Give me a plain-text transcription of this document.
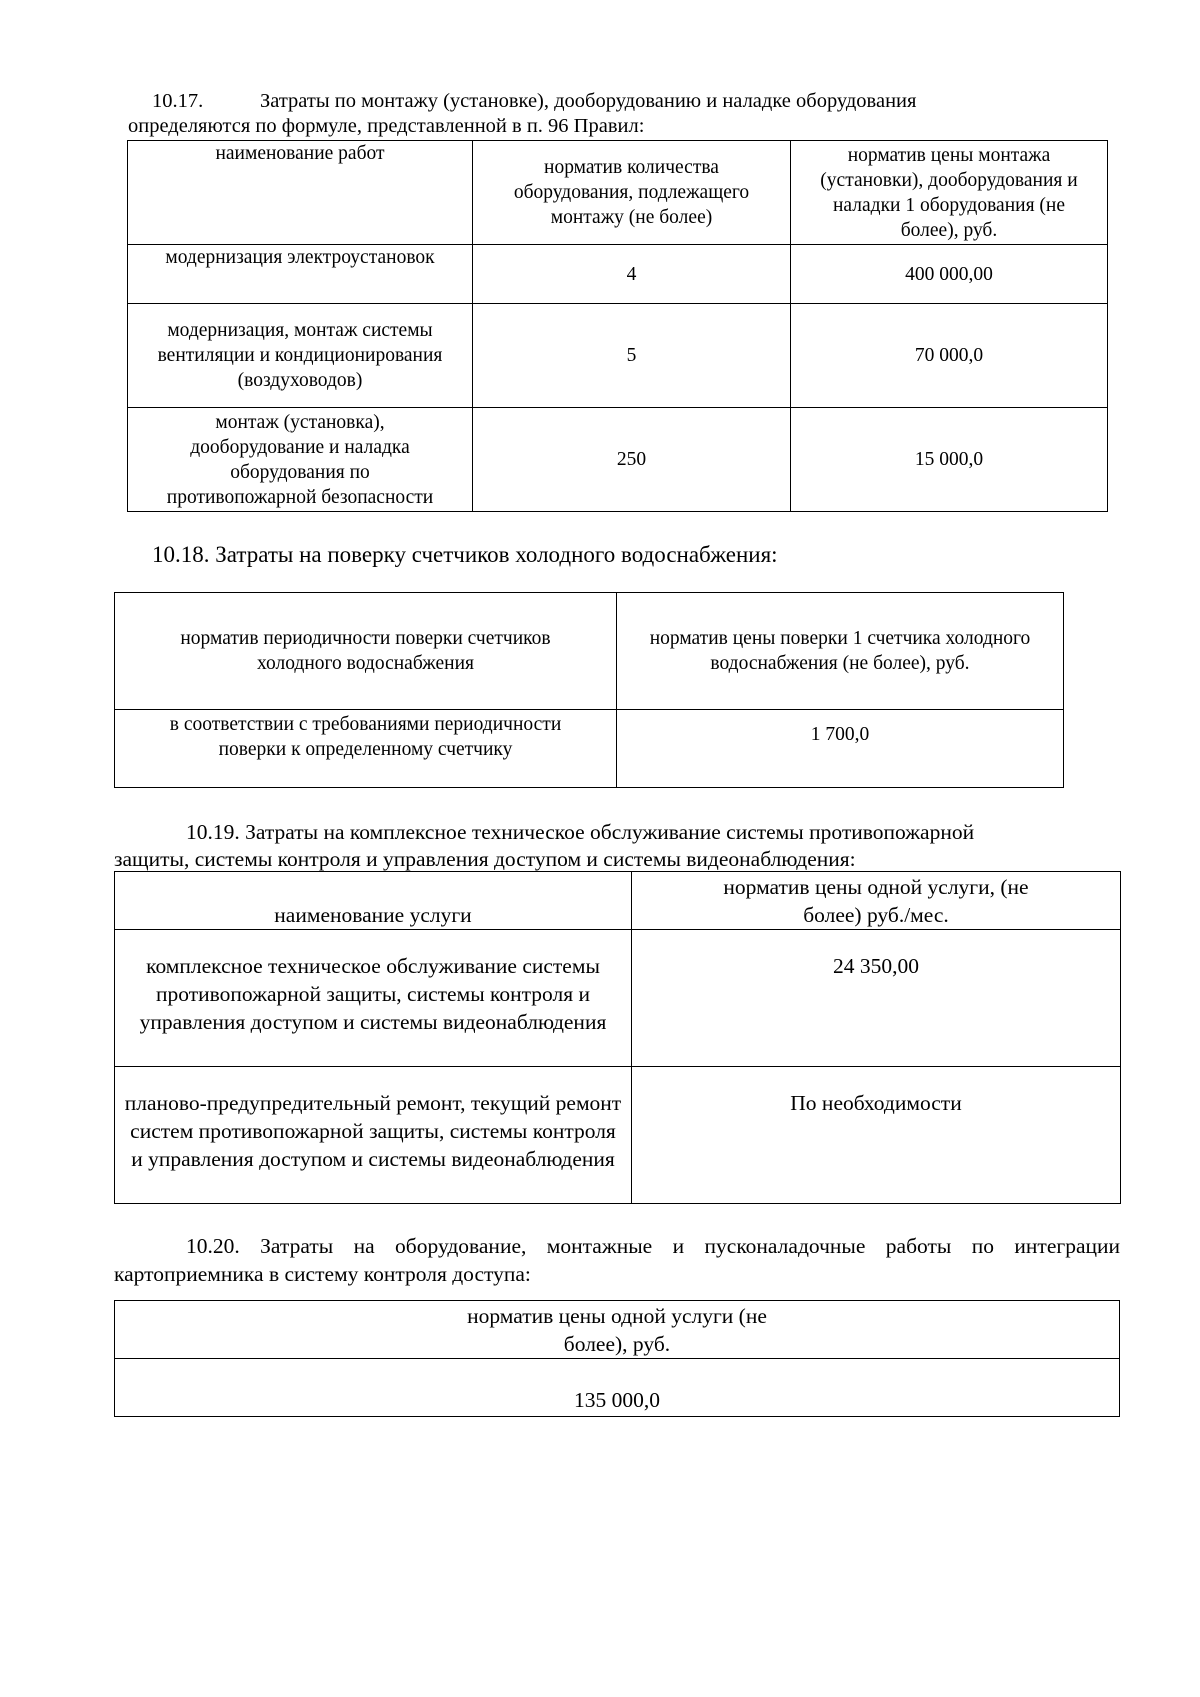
10.17.	Затраты по монтажу (установке), дооборудованию и наладке оборудования

определяются по формуле, представленной в п. 96 Правил:

наименование работ	норматив количества оборудования, подлежащего монтажу (не более)	норматив цены монтажа (установки), дооборудования и наладки 1 оборудования (не более), руб.
модернизация электроустановок	4	400 000,00
модернизация, монтаж системы вентиляции и кондиционирования (воздуховодов)	5	70 000,0
монтаж (установка), дооборудование и наладка оборудования по противопожарной безопасности	250	15 000,0

10.18. Затраты на поверку счетчиков холодного водоснабжения:

норматив периодичности поверки счетчиков холодного водоснабжения	норматив цены поверки 1 счетчика холодного водоснабжения (не более), руб.
в соответствии с требованиями периодичности поверки к определенному счетчику	1 700,0

10.19. Затраты на комплексное техническое обслуживание системы противопожарной

защиты, системы контроля и управления доступом и системы видеонаблюдения:

наименование услуги	норматив цены одной услуги, (не более) руб./мес.
комплексное техническое обслуживание системы противопожарной защиты, системы контроля и управления доступом и системы видеонаблюдения	24 350,00
планово-предупредительный ремонт, текущий ремонт систем противопожарной защиты, системы контроля и управления доступом и системы видеонаблюдения	По необходимости

10.20. Затраты на оборудование, монтажные и пусконаладочные работы по интеграции

картоприемника в систему контроля доступа:

норматив цены одной услуги (не более), руб.
135 000,0
